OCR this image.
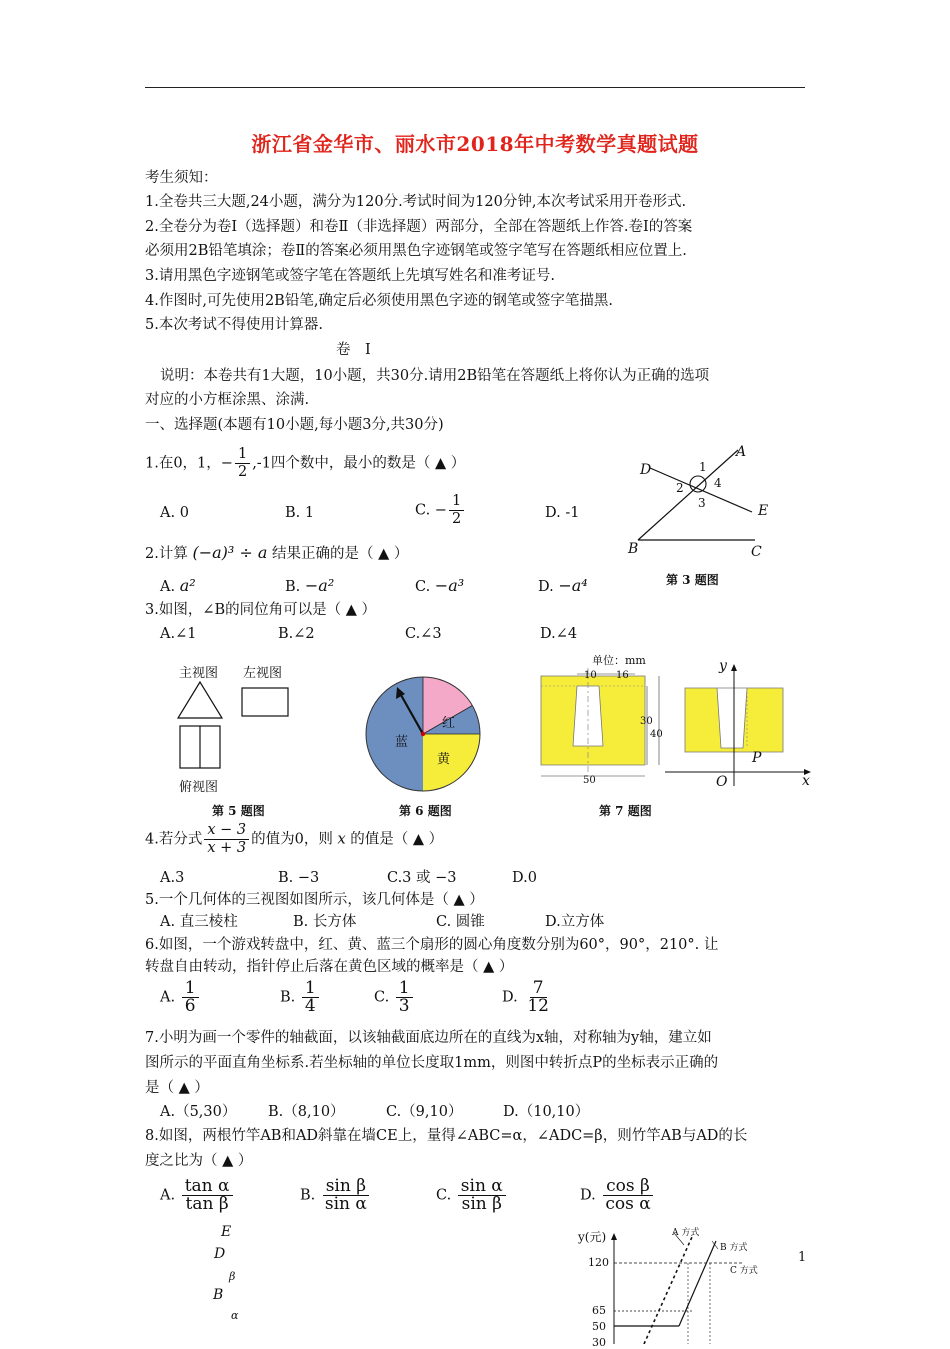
浙江省金华市、丽水市2018年中考数学真题试题
考生须知：
1.全卷共三大题,24小题，满分为120分.考试时间为120分钟,本次考试采用开卷形式.
2.全卷分为卷Ⅰ（选择题）和卷Ⅱ（非选择题）两部分，全部在答题纸上作答.卷Ⅰ的答案
必须用2B铅笔填涂；卷Ⅱ的答案必须用黑色字迹钢笔或签字笔写在答题纸相应位置上.
3.请用黑色字迹钢笔或签字笔在答题纸上先填写姓名和准考证号.
4.作图时,可先使用2B铅笔,确定后必须使用黑色字迹的钢笔或签字笔描黑.
5.本次考试不得使用计算器.
卷　Ⅰ
说明：本卷共有1大题，10小题，共30分.请用2B铅笔在答题纸上将你认为正确的选项
对应的小方框涂黑、涂满.
一、选择题(本题有10小题,每小题3分,共30分)
1.在0，1，− $\frac{1}{2} ,-1$四个数中，最小的数是（ ▲ ）
A. 0	B. 1	C. − $\frac{1}{2}$	D. -1
2.计算 (−a)³ ÷ a 结果正确的是（ ▲ ）
A. a²	B. −a²	C. −a³	D. −a⁴
3.如图，∠B的同位角可以是（ ▲ ）
A.∠1	B.∠2	C.∠3	D.∠4
A
D
E
B	C
1
2
3
4
第 3 题图
主视图 左视图
俯视图
第 5 题图
红
蓝
黄
第 6 题图
单位：mm
10 16
30
40
50
y
x
O
P
第 7 题图
4.若分式 $\frac{x - 3}{x + 3}$ 的值为0，则 x 的值是（ ▲ ）
A.3	B. −3	C.3 或 −3	D.0
5.一个几何体的三视图如图所示，该几何体是（ ▲ ）
A. 直三棱柱	B. 长方体	C. 圆锥	D.立方体
6.如图，一个游戏转盘中，红、黄、蓝三个扇形的圆心角度数分别为60°，90°，210°. 让
转盘自由转动，指针停止后落在黄色区域的概率是（ ▲ ）
A. $\frac{1}{6}$	B. $\frac{1}{4}$	C. $\frac{1}{3}$	D. $\frac{7}{12}$
7.小明为画一个零件的轴截面，以该轴截面底边所在的直线为x轴，对称轴为y轴，建立如
图所示的平面直角坐标系.若坐标轴的单位长度取1mm，则图中转折点P的坐标表示正确的
是（ ▲ ）
A.（5,30） B.（8,10）	C.（9,10）	D.（10,10）
8.如图，两根竹竿AB和AD斜靠在墙CE上，量得∠ABC=α，∠ADC=β，则竹竿AB与AD的长
度之比为（ ▲ ）
A. $\frac{\text{tan α}}{\text{tan β}}$	B. $\frac{\text{sin β}}{\text{sin α}}$	C. $\frac{\text{sin α}}{\text{sin β}}$	D. $\frac{\text{cos β}}{\text{cos α}}$
E
D
β
B
α
y(元)	A 方式
B 方式
C 方式
120
65
50
30
1
